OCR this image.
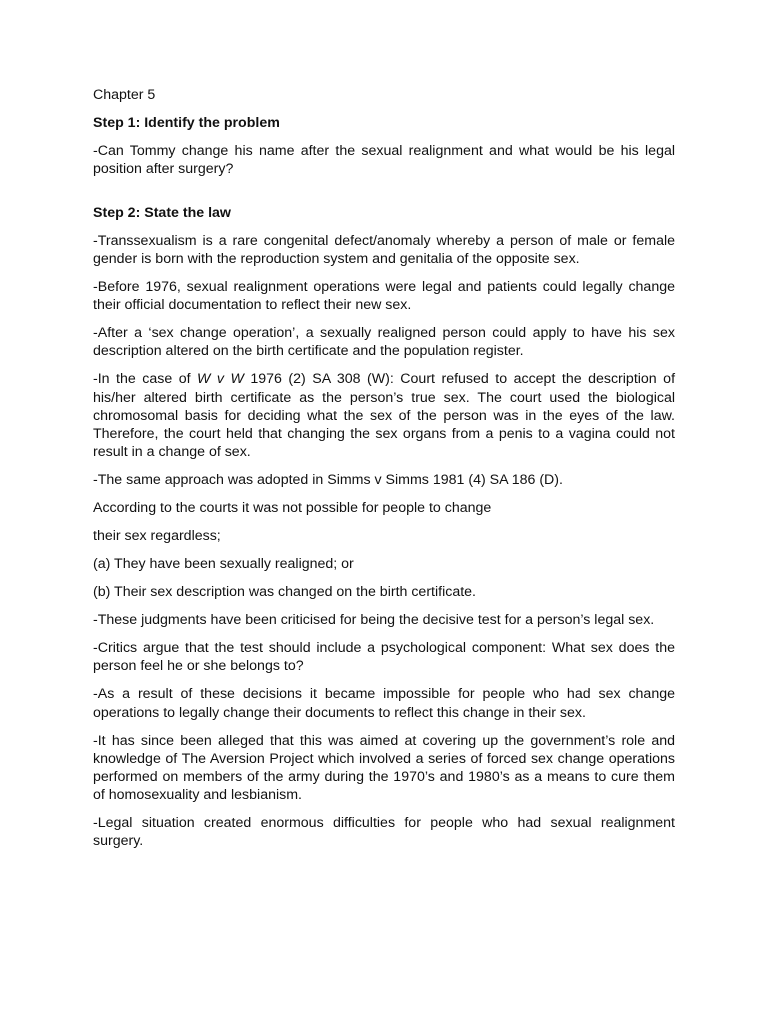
Chapter 5

Step 1: Identify the problem

-Can Tommy change his name after the sexual realignment and what would be his legal position after surgery?

Step 2: State the law

-Transsexualism is a rare congenital defect/anomaly whereby a person of male or female gender is born with the reproduction system and genitalia of the opposite sex.

-Before 1976, sexual realignment operations were legal and patients could legally change their official documentation to reflect their new sex.

-After a ‘sex change operation’, a sexually realigned person could apply to have his sex description altered on the birth certificate and the population register.

-In the case of W v W 1976 (2) SA 308 (W): Court refused to accept the description of his/her altered birth certificate as the person’s true sex. The court used the biological chromosomal basis for deciding what the sex of the person was in the eyes of the law. Therefore, the court held that changing the sex organs from a penis to a vagina could not result in a change of sex.

-The same approach was adopted in Simms v Simms 1981 (4) SA 186 (D).

According to the courts it was not possible for people to change

their sex regardless;

(a) They have been sexually realigned; or

(b) Their sex description was changed on the birth certificate.

-These judgments have been criticised for being the decisive test for a person’s legal sex.

-Critics argue that the test should include a psychological component: What sex does the person feel he or she belongs to?

-As a result of these decisions it became impossible for people who had sex change operations to legally change their documents to reflect this change in their sex.

-It has since been alleged that this was aimed at covering up the government’s role and knowledge of The Aversion Project which involved a series of forced sex change operations performed on members of the army during the 1970’s and 1980’s as a means to cure them of homosexuality and lesbianism.

-Legal situation created enormous difficulties for people who had sexual realignment surgery.
